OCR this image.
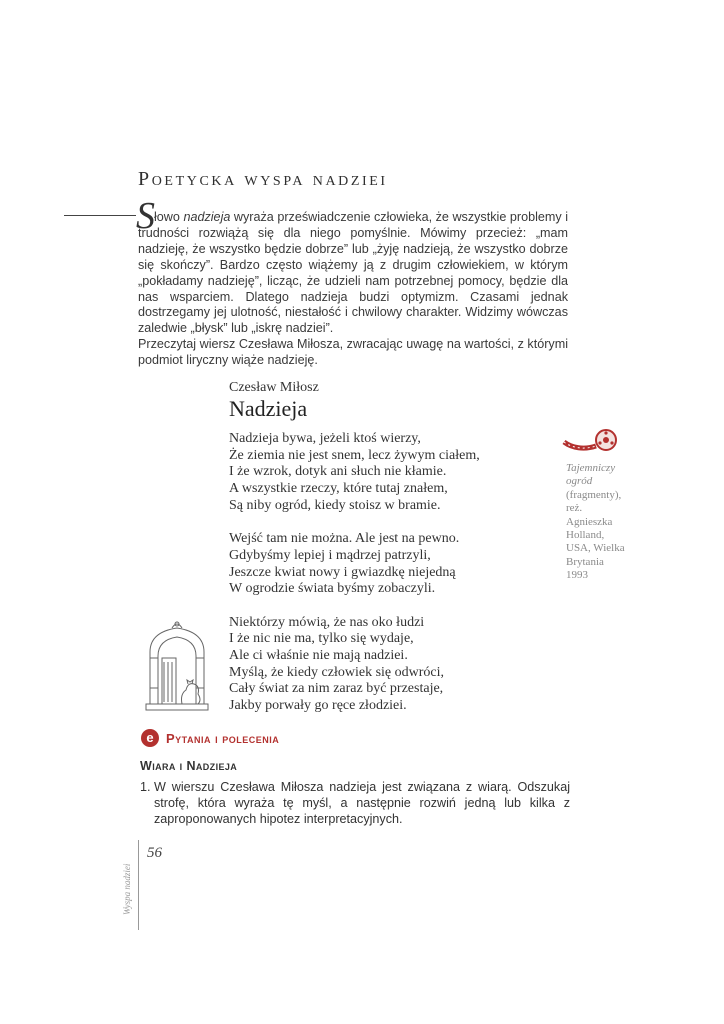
Poetycka wyspa nadziei
S łowo nadzieja wyraża przeświadczenie człowieka, że wszystkie problemy i trudności rozwiążą się dla niego pomyślnie. Mówimy przecież: „mam nadzieję, że wszystko będzie dobrze” lub „żyję nadzieją, że wszystko dobrze się skończy”. Bardzo często wiążemy ją z drugim człowiekiem, w którym „pokładamy nadzieję”, licząc, że udzieli nam potrzebnej pomocy, będzie dla nas wsparciem. Dlatego nadzieja budzi optymizm. Czasami jednak dostrzegamy jej ulotność, niestałość i chwilowy charakter. Widzimy wówczas zaledwie „błysk” lub „iskrę nadziei”.

Przeczytaj wiersz Czesława Miłosza, zwracając uwagę na wartości, z którymi podmiot liryczny wiąże nadzieję.

Czesław Miłosz
Nadzieja
Nadzieja bywa, jeżeli ktoś wierzy,
Że ziemia nie jest snem, lecz żywym ciałem,
I że wzrok, dotyk ani słuch nie kłamie.
A wszystkie rzeczy, które tutaj znałem,
Są niby ogród, kiedy stoisz w bramie.
Wejść tam nie można. Ale jest na pewno.
Gdybyśmy lepiej i mądrzej patrzyli,
Jeszcze kwiat nowy i gwiazdkę niejedną
W ogrodzie świata byśmy zobaczyli.
Niektórzy mówią, że nas oko łudzi
I że nic nie ma, tylko się wydaje,
Ale ci właśnie nie mają nadziei.
Myślą, że kiedy człowiek się odwróci,
Cały świat za nim zaraz być przestaje,
Jakby porwały go ręce złodziei.
Tajemniczy ogród (fragmenty), reż. Agnieszka Holland, USA, Wielka Brytania 1993
e Pytania i polecenia
Wiara i Nadzieja
1. W wierszu Czesława Miłosza nadzieja jest związana z wiarą. Odszukaj strofę, która wyraża tę myśl, a następnie rozwiń jedną lub kilka z zaproponowanych hipotez interpretacyjnych.
56
Wyspa nadziei
